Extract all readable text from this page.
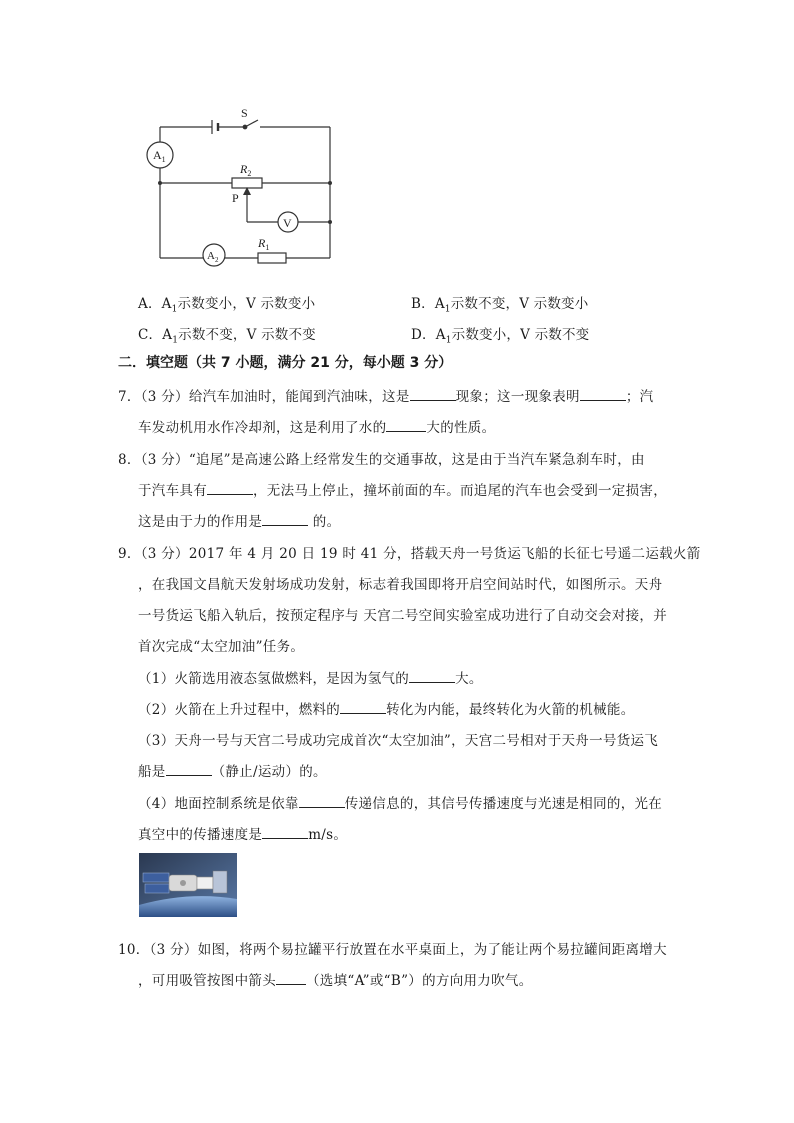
S
$A_1$
$R_2$
P
V
$A_2$
$R_1$
A．$A_1$示数变小，V 示数变小	B．$A_1$示数不变，V 示数变小
C．$A_1$示数不变，V 示数不变	D．$A_1$示数变小，V 示数不变
二．填空题（共 7 小题，满分 21 分，每小题 3 分）
7．（3 分）给汽车加油时，能闻到汽油味，这是	现象；这一现象表明	；汽
车发动机用水作冷却剂，这是利用了水的	大的性质。
8．（3 分）“追尾”是高速公路上经常发生的交通事故，这是由于当汽车紧急刹车时，由
于汽车具有	，无法马上停止，撞坏前面的车。而追尾的汽车也会受到一定损害，
这是由于力的作用是	的。
9．（3 分）2017 年 4 月 20 日 19 时 41 分，搭载天舟一号货运飞船的长征七号遥二运载火箭
，在我国文昌航天发射场成功发射，标志着我国即将开启空间站时代，如图所示。天舟
一号货运飞船入轨后，按预定程序与 天宫二号空间实验室成功进行了自动交会对接，并
首次完成“太空加油”任务。
（1）火箭选用液态氢做燃料，是因为氢气的	大。
（2）火箭在上升过程中，燃料的	转化为内能，最终转化为火箭的机械能。
（3）天舟一号与天宫二号成功完成首次“太空加油”，天宫二号相对于天舟一号货运飞
船是	（静止/运动）的。
（4）地面控制系统是依靠	传递信息的，其信号传播速度与光速是相同的，光在
真空中的传播速度是	m/s。
10．（3 分）如图，将两个易拉罐平行放置在水平桌面上，为了能让两个易拉罐间距离增大
，可用吸管按图中箭头 （选填“A”或“B”）的方向用力吹气。
